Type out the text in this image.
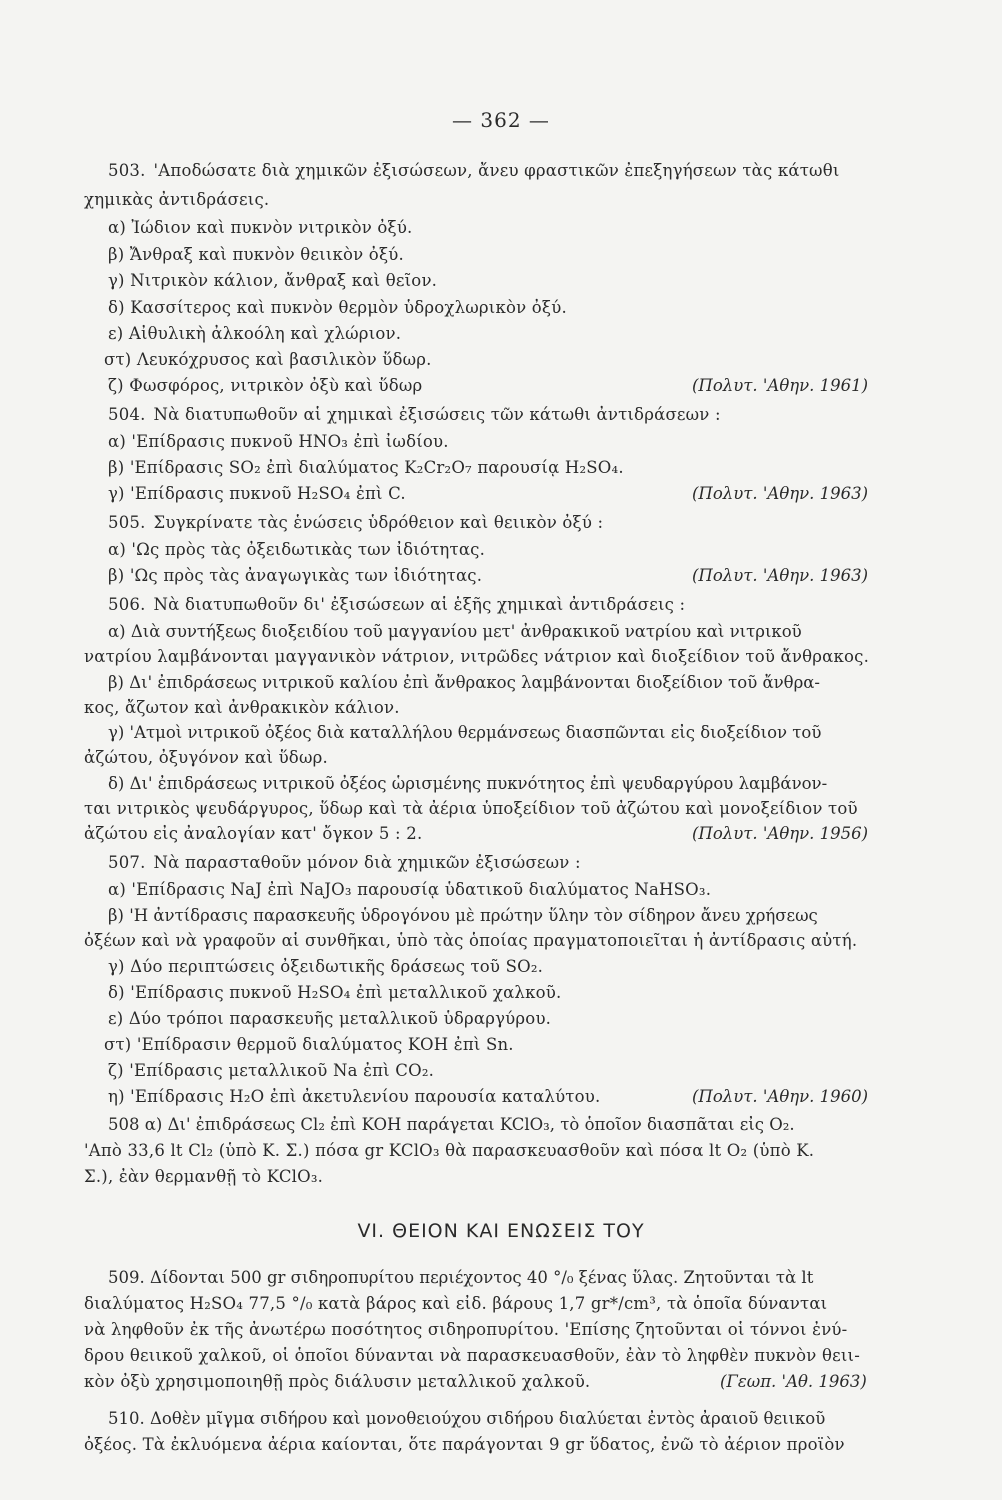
— 362 —
503. 'Αποδώσατε διὰ χημικῶν ἐξισώσεων, ἄνευ φραστικῶν ἐπεξηγήσεων τὰς κάτωθι
χημικὰς ἀντιδράσεις.
α) Ἰώδιον καὶ πυκνὸν νιτρικὸν ὀξύ.
β) Ἄνθραξ καὶ πυκνὸν θειικὸν ὀξύ.
γ) Νιτρικὸν κάλιον, ἄνθραξ καὶ θεῖον.
δ) Κασσίτερος καὶ πυκνὸν θερμὸν ὑδροχλωρικὸν ὀξύ.
ε) Αἰθυλικὴ ἀλκοόλη καὶ χλώριον.
στ) Λευκόχρυσος καὶ βασιλικὸν ὕδωρ.
ζ) Φωσφόρος, νιτρικὸν ὀξὺ καὶ ὕδωρ	(Πολυτ. 'Αθην. 1961)
504. Νὰ διατυπωθοῦν αἱ χημικαὶ ἐξισώσεις τῶν κάτωθι ἀντιδράσεων :
α) 'Επίδρασις πυκνοῦ HNO₃ ἐπὶ ἰωδίου.
β) 'Επίδρασις SO₂ ἐπὶ διαλύματος K₂Cr₂O₇ παρουσίᾳ H₂SO₄.
γ) 'Επίδρασις πυκνοῦ H₂SO₄ ἐπὶ C.	(Πολυτ. 'Αθην. 1963)
505. Συγκρίνατε τὰς ἑνώσεις ὑδρόθειον καὶ θειικὸν ὀξύ :
α) 'Ως πρὸς τὰς ὀξειδωτικὰς των ἰδιότητας.
β) 'Ως πρὸς τὰς ἀναγωγικὰς των ἰδιότητας.	(Πολυτ. 'Αθην. 1963)
506. Νὰ διατυπωθοῦν δι' ἐξισώσεων αἱ ἑξῆς χημικαὶ ἀντιδράσεις :
α) Διὰ συντήξεως διοξειδίου τοῦ μαγγανίου μετ' ἀνθρακικοῦ νατρίου καὶ νιτρικοῦ
νατρίου λαμβάνονται μαγγανικὸν νάτριον, νιτρῶδες νάτριον καὶ διοξείδιον τοῦ ἄνθρακος.
β) Δι' ἐπιδράσεως νιτρικοῦ καλίου ἐπὶ ἄνθρακος λαμβάνονται διοξείδιον τοῦ ἄνθρα-
κος, ἄζωτον καὶ ἀνθρακικὸν κάλιον.
γ) 'Ατμοὶ νιτρικοῦ ὀξέος διὰ καταλλήλου θερμάνσεως διασπῶνται εἰς διοξείδιον τοῦ
ἀζώτου, ὀξυγόνον καὶ ὕδωρ.
δ) Δι' ἐπιδράσεως νιτρικοῦ ὀξέος ὡρισμένης πυκνότητος ἐπὶ ψευδαργύρου λαμβάνον-
ται νιτρικὸς ψευδάργυρος, ὕδωρ καὶ τὰ ἀέρια ὑποξείδιον τοῦ ἀζώτου καὶ μονοξείδιον τοῦ
ἀζώτου εἰς ἀναλογίαν κατ' ὄγκον 5 : 2.	(Πολυτ. 'Αθην. 1956)
507. Νὰ παρασταθοῦν μόνον διὰ χημικῶν ἐξισώσεων :
α) 'Επίδρασις NaJ ἐπὶ NaJO₃ παρουσίᾳ ὑδατικοῦ διαλύματος NaHSO₃.
β) 'Η ἀντίδρασις παρασκευῆς ὑδρογόνου μὲ πρώτην ὕλην τὸν σίδηρον ἄνευ χρήσεως
ὀξέων καὶ νὰ γραφοῦν αἱ συνθῆκαι, ὑπὸ τὰς ὁποίας πραγματοποιεῖται ἡ ἀντίδρασις αὐτή.
γ) Δύο περιπτώσεις ὀξειδωτικῆς δράσεως τοῦ SO₂.
δ) 'Επίδρασις πυκνοῦ H₂SO₄ ἐπὶ μεταλλικοῦ χαλκοῦ.
ε) Δύο τρόποι παρασκευῆς μεταλλικοῦ ὑδραργύρου.
στ) 'Επίδρασιν θερμοῦ διαλύματος KOH ἐπὶ Sn.
ζ) 'Επίδρασις μεταλλικοῦ Na ἐπὶ CO₂.
η) 'Επίδρασις H₂O ἐπὶ ἀκετυλενίου παρουσία καταλύτου.	(Πολυτ. 'Αθην. 1960)
508 α) Δι' ἐπιδράσεως Cl₂ ἐπὶ KOH παράγεται KClO₃, τὸ ὁποῖον διασπᾶται εἰς O₂.
'Απὸ 33,6 lt Cl₂ (ὑπὸ Κ. Σ.) πόσα gr KClO₃ θὰ παρασκευασθοῦν καὶ πόσα lt O₂ (ὑπὸ Κ.
Σ.), ἐὰν θερμανθῇ τὸ KClO₃.
VI. ΘΕΙΟΝ ΚΑΙ ΕΝΩΣΕΙΣ ΤΟΥ
509. Δίδονται 500 gr σιδηροπυρίτου περιέχοντος 40 °/₀ ξένας ὕλας. Ζητοῦνται τὰ lt
διαλύματος H₂SO₄ 77,5 °/₀ κατὰ βάρος καὶ εἰδ. βάρους 1,7 gr*/cm³, τὰ ὁποῖα δύνανται
νὰ ληφθοῦν ἐκ τῆς ἀνωτέρω ποσότητος σιδηροπυρίτου. 'Επίσης ζητοῦνται οἱ τόννοι ἐνύ-
δρου θειικοῦ χαλκοῦ, οἱ ὁποῖοι δύνανται νὰ παρασκευασθοῦν, ἐὰν τὸ ληφθὲν πυκνὸν θειι-
κὸν ὀξὺ χρησιμοποιηθῇ πρὸς διάλυσιν μεταλλικοῦ χαλκοῦ.	(Γεωπ. 'Αθ. 1963)
510. Δοθὲν μῖγμα σιδήρου καὶ μονοθειούχου σιδήρου διαλύεται ἐντὸς ἀραιοῦ θειικοῦ
ὀξέος. Τὰ ἐκλυόμενα ἀέρια καίονται, ὅτε παράγονται 9 gr ὕδατος, ἐνῶ τὸ ἀέριον προϊὸν
